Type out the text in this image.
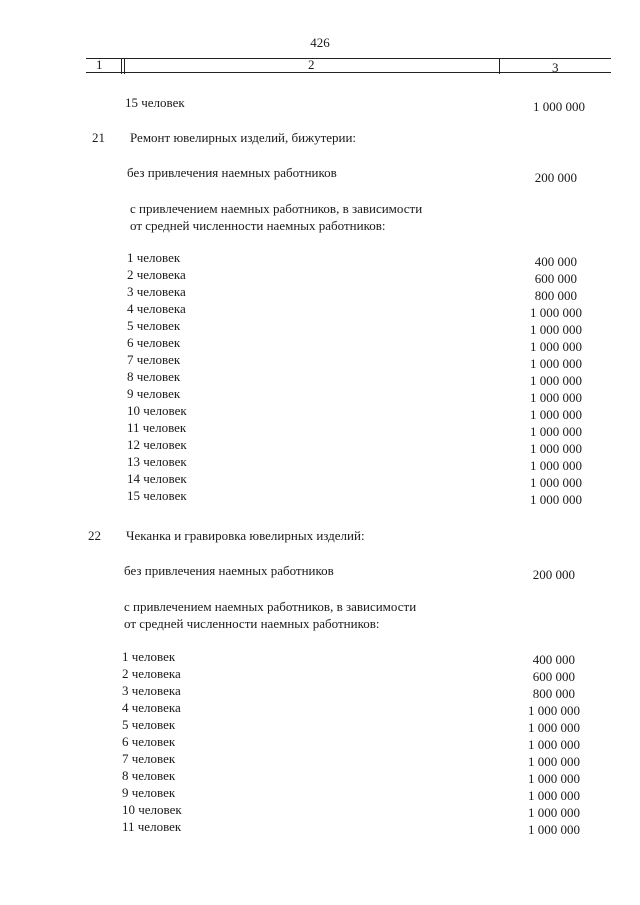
426
1	2	3
15 человек	1 000 000
21 Ремонт ювелирных изделий, бижутерии:
без привлечения наемных работников	200 000
с привлечением наемных работников, в зависимости
от средней численности наемных работников:
1 человек	400 000
2 человека	600 000
3 человека	800 000
4 человека	1 000 000
5 человек	1 000 000
6 человек	1 000 000
7 человек	1 000 000
8 человек	1 000 000
9 человек	1 000 000
10 человек	1 000 000
11 человек	1 000 000
12 человек	1 000 000
13 человек	1 000 000
14 человек	1 000 000
15 человек	1 000 000
22 Чеканка и гравировка ювелирных изделий:
без привлечения наемных работников	200 000
с привлечением наемных работников, в зависимости
от средней численности наемных работников:
1 человек	400 000
2 человека	600 000
3 человека	800 000
4 человека	1 000 000
5 человек	1 000 000
6 человек	1 000 000
7 человек	1 000 000
8 человек	1 000 000
9 человек	1 000 000
10 человек	1 000 000
11 человек	1 000 000
